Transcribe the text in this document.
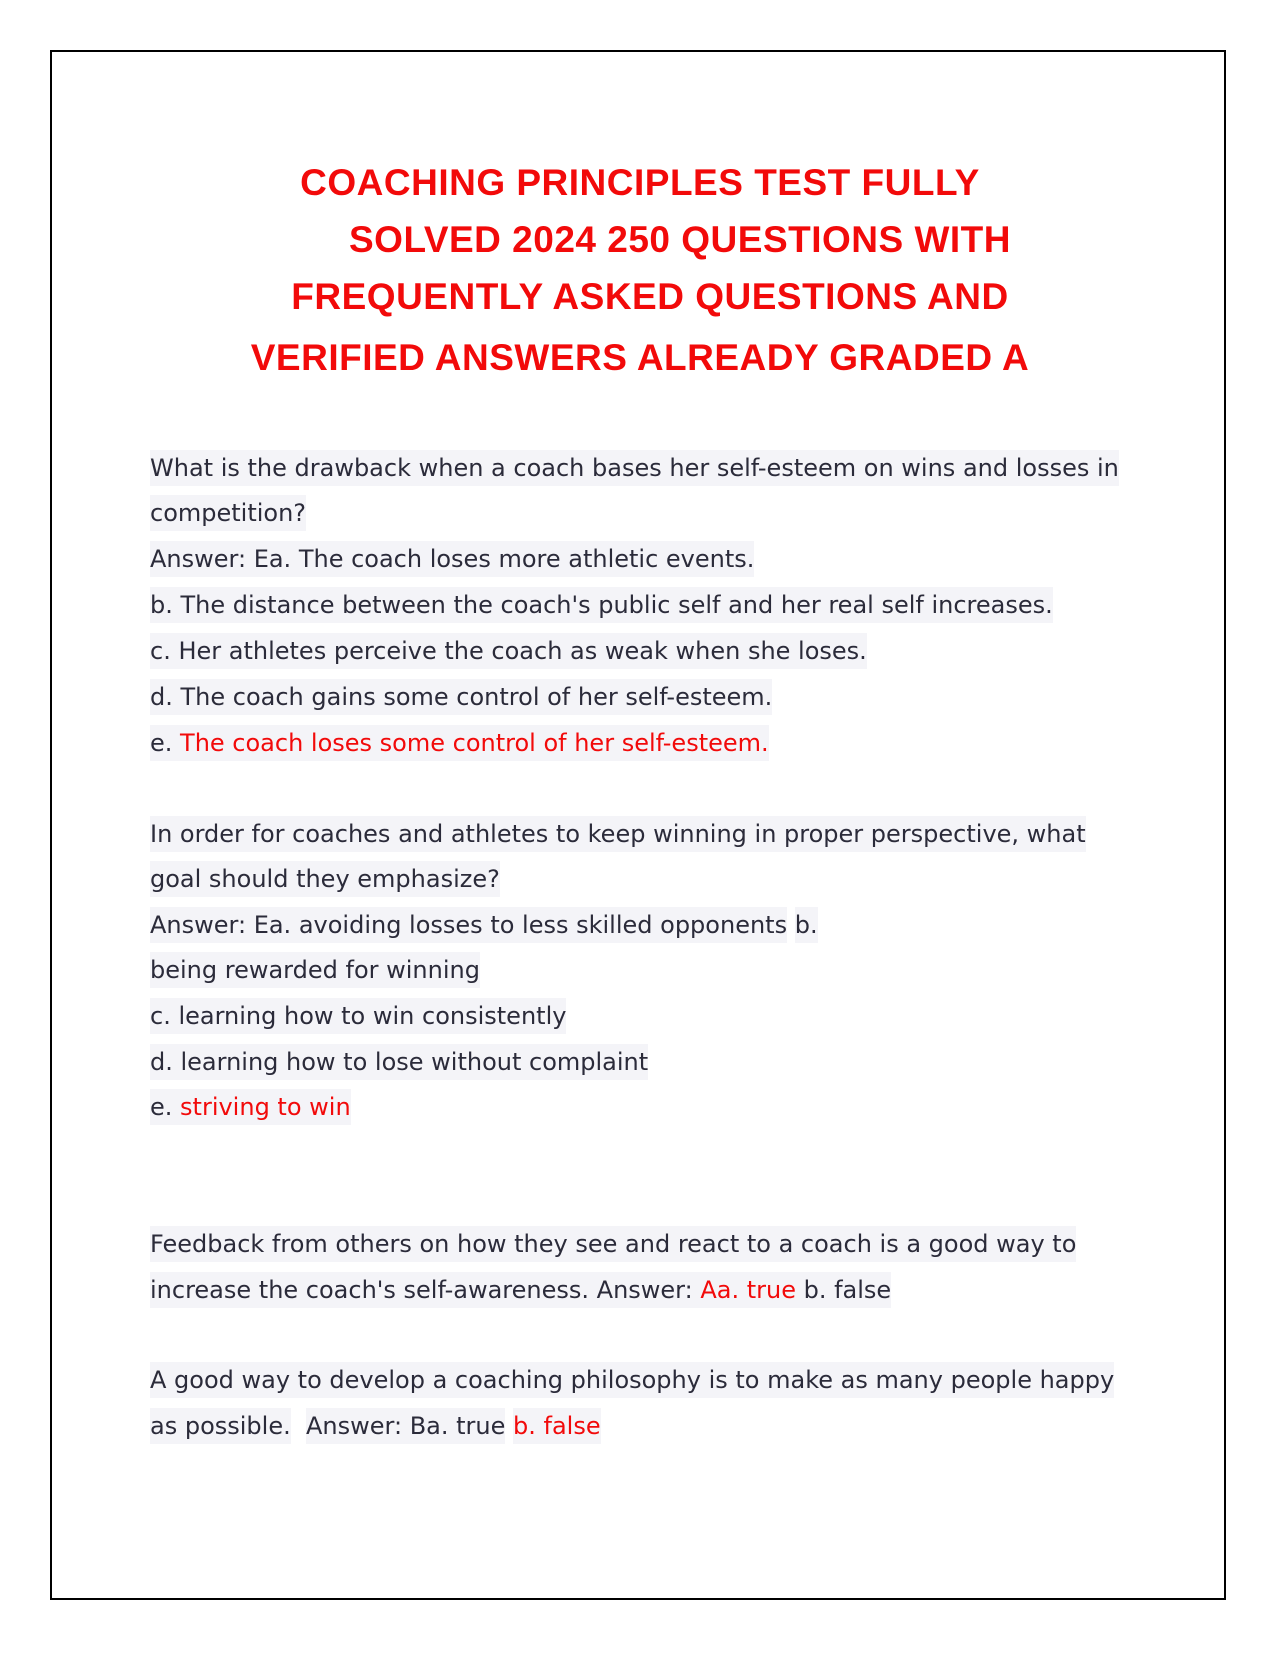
COACHING PRINCIPLES TEST FULLY
SOLVED 2024 250 QUESTIONS WITH
FREQUENTLY ASKED QUESTIONS AND
VERIFIED ANSWERS ALREADY GRADED A
What is the drawback when a coach bases her self-esteem on wins and losses in
competition?
Answer: Ea. The coach loses more athletic events.
b. The distance between the coach's public self and her real self increases.
c. Her athletes perceive the coach as weak when she loses.
d. The coach gains some control of her self-esteem.
e. The coach loses some control of her self-esteem.
In order for coaches and athletes to keep winning in proper perspective, what
goal should they emphasize?
Answer: Ea. avoiding losses to less skilled opponents b.
being rewarded for winning
c. learning how to win consistently
d. learning how to lose without complaint
e. striving to win
Feedback from others on how they see and react to a coach is a good way to
increase the coach's self-awareness. Answer: Aa. true b. false
A good way to develop a coaching philosophy is to make as many people happy
as possible. Answer: Ba. true b. false
